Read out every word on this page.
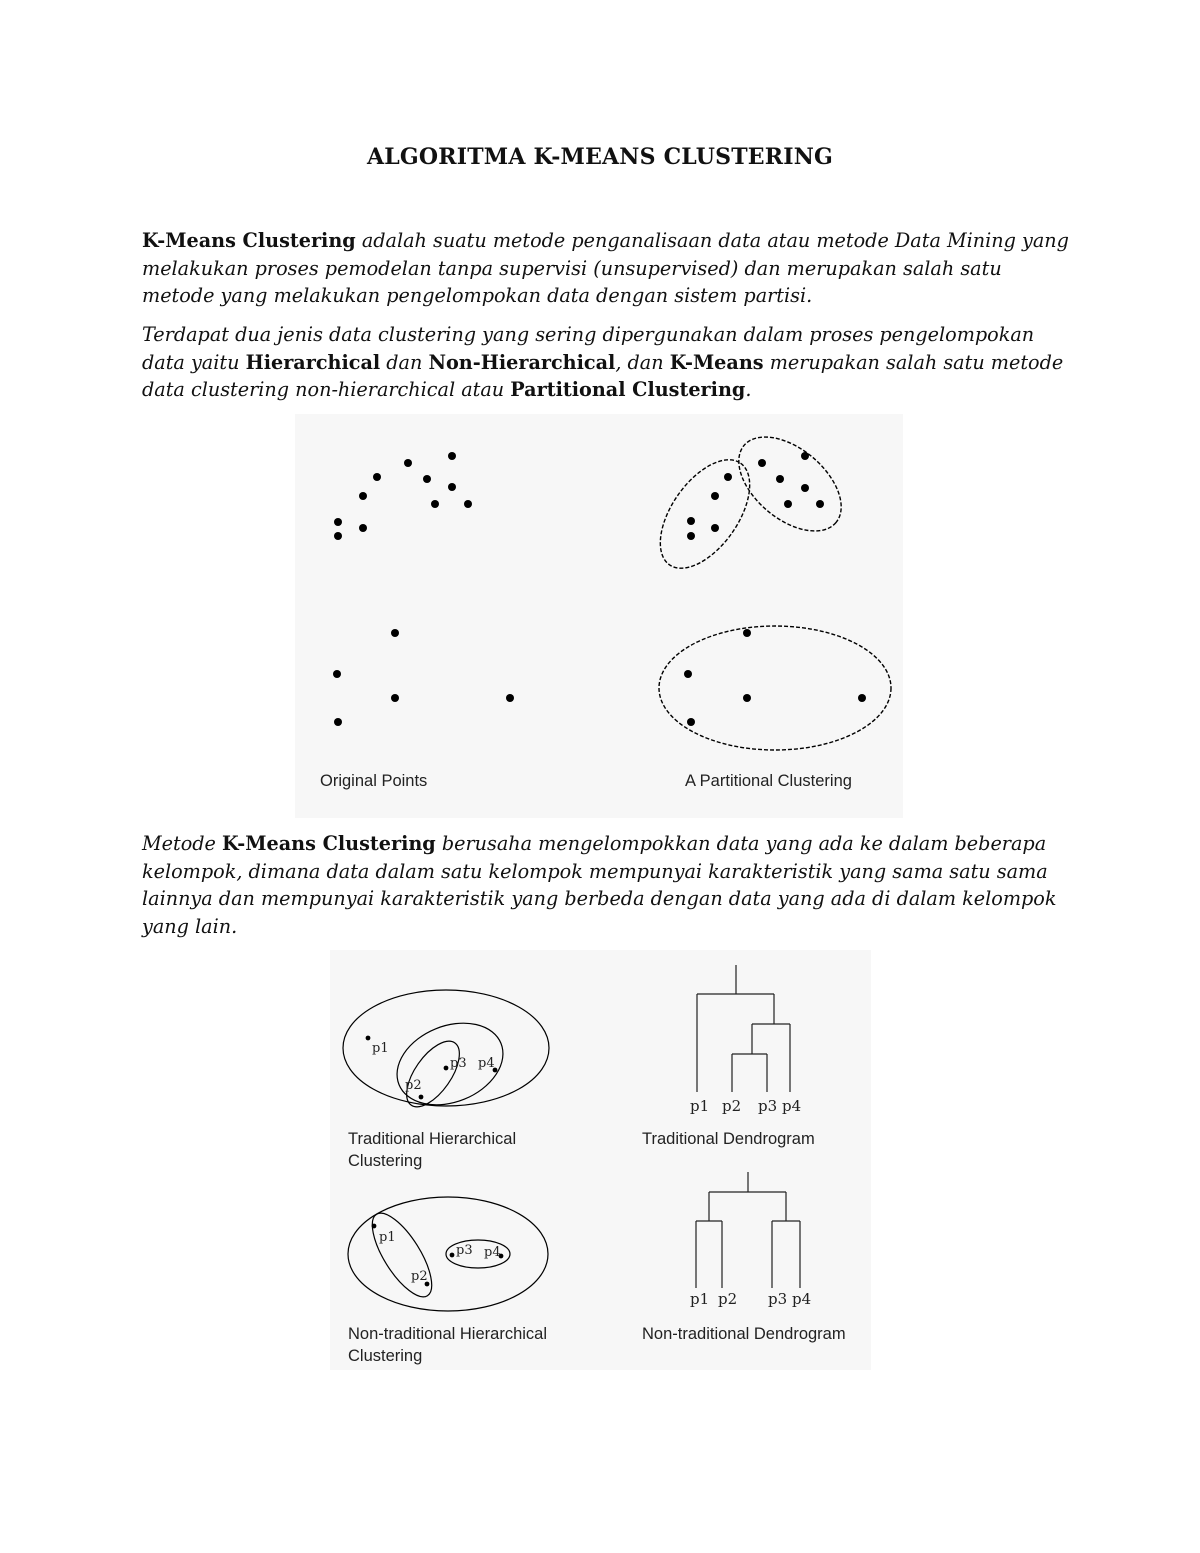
ALGORITMA K-MEANS CLUSTERING
K-Means Clustering adalah suatu metode penganalisaan data atau metode Data Mining yang melakukan proses pemodelan tanpa supervisi (unsupervised) dan merupakan salah satu metode yang melakukan pengelompokan data dengan sistem partisi.
Terdapat dua jenis data clustering yang sering dipergunakan dalam proses pengelompokan data yaitu Hierarchical dan Non-Hierarchical, dan K-Means merupakan salah satu metode data clustering non-hierarchical atau Partitional Clustering.
Original Points	A Partitional Clustering
Metode K-Means Clustering berusaha mengelompokkan data yang ada ke dalam beberapa kelompok, dimana data dalam satu kelompok mempunyai karakteristik yang sama satu sama lainnya dan mempunyai karakteristik yang berbeda dengan data yang ada di dalam kelompok yang lain.
p1
p3 p4
p2
p1 p2 p3 p4
Traditional Hierarchical
Clustering
Traditional Dendrogram
p1
p2
p3 p4
p1 p2 p3 p4
Non-traditional Hierarchical
Clustering
Non-traditional Dendrogram
